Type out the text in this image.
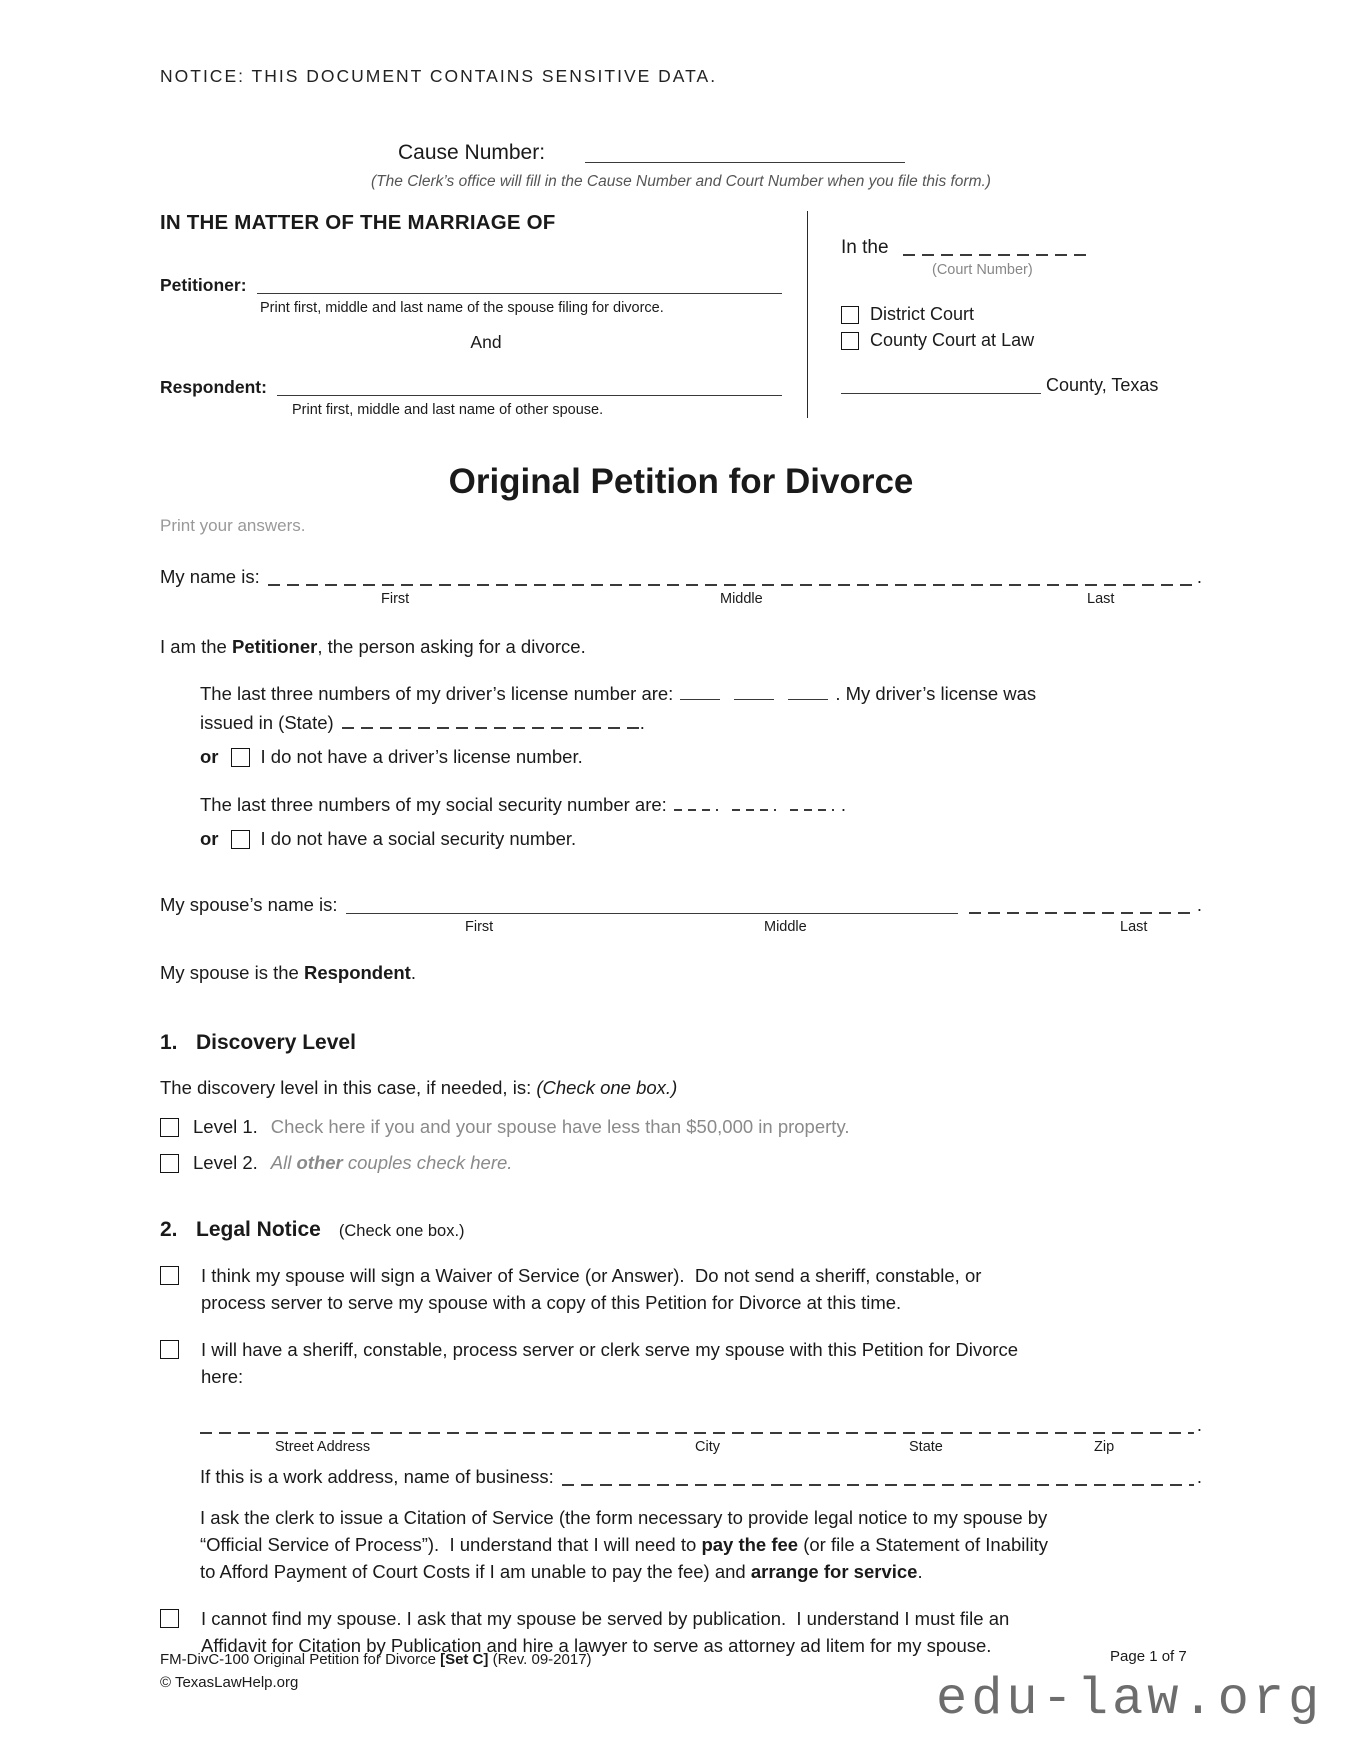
NOTICE: THIS DOCUMENT CONTAINS SENSITIVE DATA.
Cause Number:
(The Clerk’s office will fill in the Cause Number and Court Number when you file this form.)
IN THE MATTER OF THE MARRIAGE OF
Petitioner:
Print first, middle and last name of the spouse filing for divorce.
And
Respondent:
Print first, middle and last name of other spouse.
In the
(Court Number)
District Court
County Court at Law
County, Texas
Original Petition for Divorce
Print your answers.
My name is:	.
First	Middle	Last
I am the Petitioner, the person asking for a divorce.
The last three numbers of my driver’s license number are:	. My driver’s license was
issued in (State)	.
or I do not have a driver’s license number.
The last three numbers of my social security number are:	.
or I do not have a social security number.
My spouse’s name is:	.
First	Middle	Last
My spouse is the Respondent.
1. Discovery Level
The discovery level in this case, if needed, is: (Check one box.)
Level 1. Check here if you and your spouse have less than $50,000 in property.
Level 2. All other couples check here.
2. Legal Notice (Check one box.)
I think my spouse will sign a Waiver of Service (or Answer).  Do not send a sheriff, constable, or
process server to serve my spouse with a copy of this Petition for Divorce at this time.
I will have a sheriff, constable, process server or clerk serve my spouse with this Petition for Divorce
here:
.
Street Address	City	State	Zip
If this is a work address, name of business:	.
I ask the clerk to issue a Citation of Service (the form necessary to provide legal notice to my spouse by
“Official Service of Process”).  I understand that I will need to pay the fee (or file a Statement of Inability
to Afford Payment of Court Costs if I am unable to pay the fee) and arrange for service.
I cannot find my spouse. I ask that my spouse be served by publication.  I understand I must file an
Affidavit for Citation by Publication and hire a lawyer to serve as attorney ad litem for my spouse.
FM-DivC-100 Original Petition for Divorce [Set C] (Rev. 09-2017)
© TexasLawHelp.org
Page 1 of 7
edu-law.org
